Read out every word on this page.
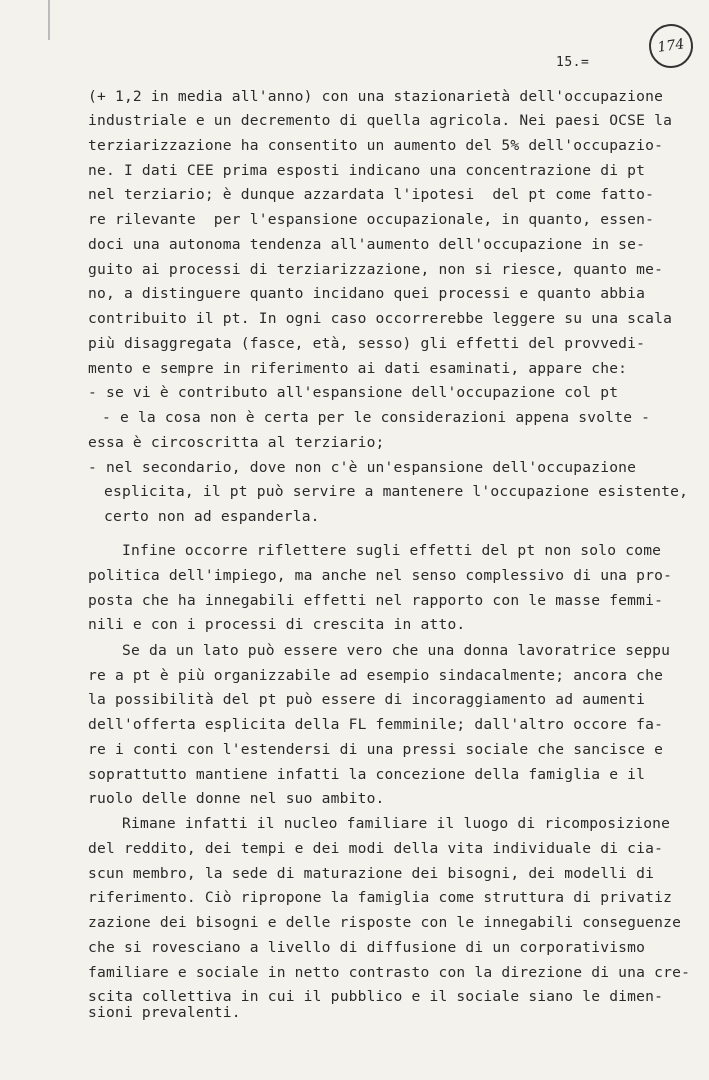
174
15.=
(+ 1,2 in media all'anno) con una stazionarietà dell'occupazione
industriale e un decremento di quella agricola. Nei paesi OCSE la
terziarizzazione ha consentito un aumento del 5% dell'occupazio-
ne. I dati CEE prima esposti indicano una concentrazione di pt
nel terziario; è dunque azzardata l'ipotesi  del pt come fatto-
re rilevante  per l'espansione occupazionale, in quanto, essen-
doci una autonoma tendenza all'aumento dell'occupazione in se-
guito ai processi di terziarizzazione, non si riesce, quanto me-
no, a distinguere quanto incidano quei processi e quanto abbia
contribuito il pt. In ogni caso occorrerebbe leggere su una scala
più disaggregata (fasce, età, sesso) gli effetti del provvedi-
mento e sempre in riferimento ai dati esaminati, appare che:
- se vi è contributo all'espansione dell'occupazione col pt
- e la cosa non è certa per le considerazioni appena svolte -
essa è circoscritta al terziario;
- nel secondario, dove non c'è un'espansione dell'occupazione
esplicita, il pt può servire a mantenere l'occupazione esistente,
certo non ad espanderla.
Infine occorre riflettere sugli effetti del pt non solo come
politica dell'impiego, ma anche nel senso complessivo di una pro-
posta che ha innegabili effetti nel rapporto con le masse femmi-
nili e con i processi di crescita in atto.
Se da un lato può essere vero che una donna lavoratrice seppu
re a pt è più organizzabile ad esempio sindacalmente; ancora che
la possibilità del pt può essere di incoraggiamento ad aumenti
dell'offerta esplicita della FL femminile; dall'altro occore fa-
re i conti con l'estendersi di una pressi sociale che sancisce e
soprattutto mantiene infatti la concezione della famiglia e il
ruolo delle donne nel suo ambito.
Rimane infatti il nucleo familiare il luogo di ricomposizione
del reddito, dei tempi e dei modi della vita individuale di cia-
scun membro, la sede di maturazione dei bisogni, dei modelli di
riferimento. Ciò ripropone la famiglia come struttura di privatiz
zazione dei bisogni e delle risposte con le innegabili conseguenze
che si rovesciano a livello di diffusione di un corporativismo
familiare e sociale in netto contrasto con la direzione di una cre-
scita collettiva in cui il pubblico e il sociale siano le dimen-
sioni prevalenti.
